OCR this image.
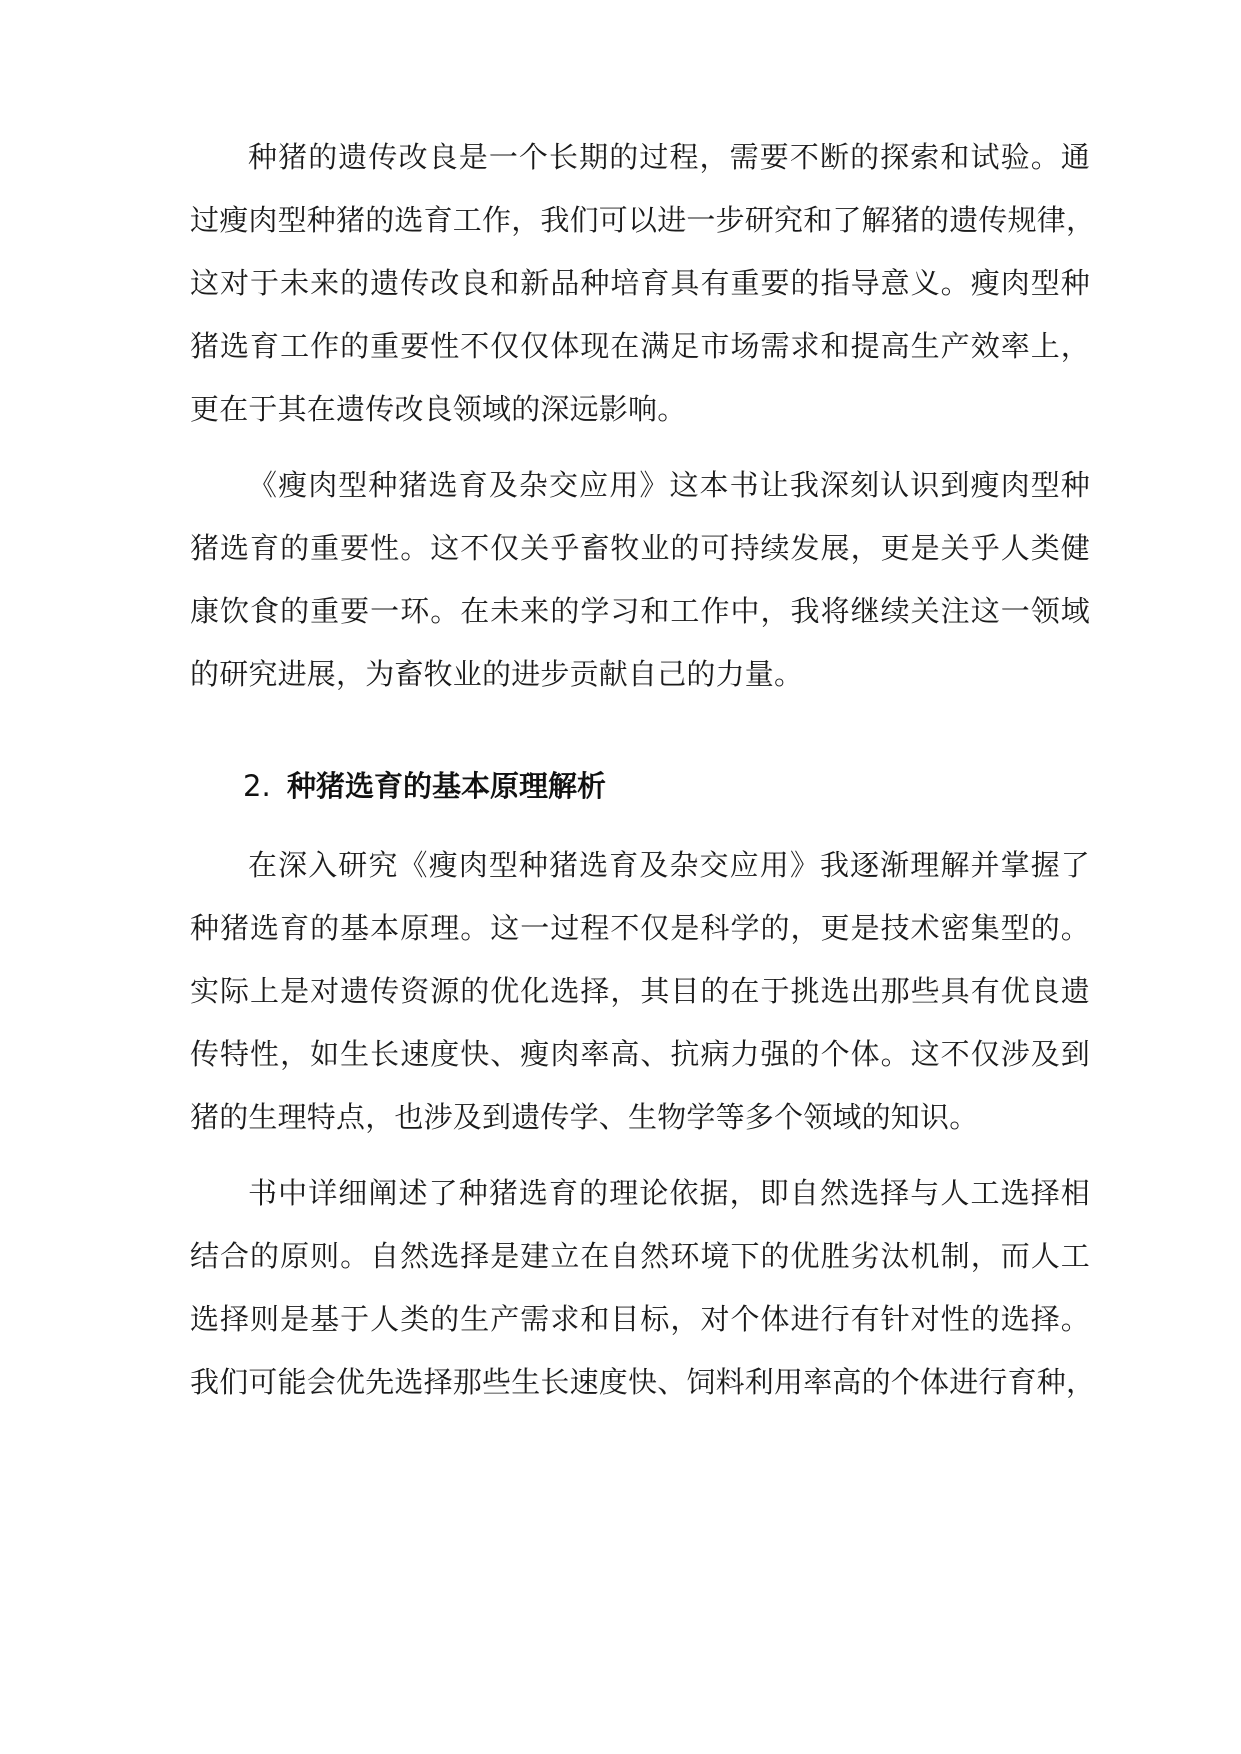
种猪的遗传改良是一个长期的过程，需要不断的探索和试验。通
过瘦肉型种猪的选育工作，我们可以进一步研究和了解猪的遗传规律，
这对于未来的遗传改良和新品种培育具有重要的指导意义。瘦肉型种
猪选育工作的重要性不仅仅体现在满足市场需求和提高生产效率上，
更在于其在遗传改良领域的深远影响。
《瘦肉型种猪选育及杂交应用》这本书让我深刻认识到瘦肉型种
猪选育的重要性。这不仅关乎畜牧业的可持续发展，更是关乎人类健
康饮食的重要一环。在未来的学习和工作中，我将继续关注这一领域
的研究进展，为畜牧业的进步贡献自己的力量。
2. 种猪选育的基本原理解析
在深入研究《瘦肉型种猪选育及杂交应用》我逐渐理解并掌握了
种猪选育的基本原理。这一过程不仅是科学的，更是技术密集型的。
实际上是对遗传资源的优化选择，其目的在于挑选出那些具有优良遗
传特性，如生长速度快、瘦肉率高、抗病力强的个体。这不仅涉及到
猪的生理特点，也涉及到遗传学、生物学等多个领域的知识。
书中详细阐述了种猪选育的理论依据，即自然选择与人工选择相
结合的原则。自然选择是建立在自然环境下的优胜劣汰机制，而人工
选择则是基于人类的生产需求和目标，对个体进行有针对性的选择。
我们可能会优先选择那些生长速度快、饲料利用率高的个体进行育种，
